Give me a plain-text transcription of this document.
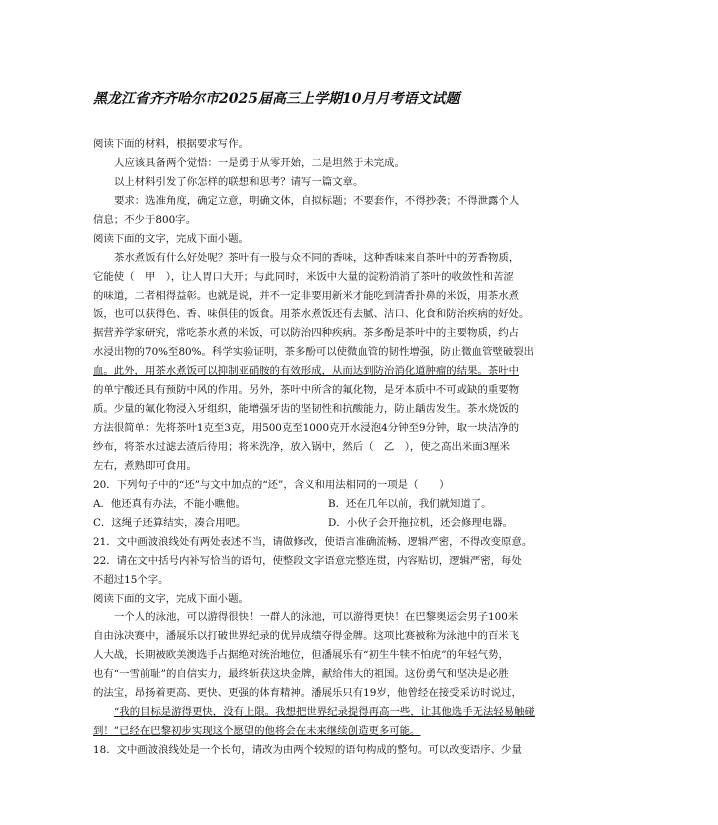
黑龙江省齐齐哈尔市2025届高三上学期10月月考语文试题
阅读下面的材料，根据要求写作。
人应该具备两个觉悟：一是勇于从零开始，二是坦然于未完成。
以上材料引发了你怎样的联想和思考？请写一篇文章。
要求：选准角度，确定立意，明确文体，自拟标题；不要套作，不得抄袭；不得泄露个人
信息；不少于800字。
阅读下面的文字，完成下面小题。
茶水煮饭有什么好处呢？茶叶有一股与众不同的香味，这种香味来自茶叶中的芳香物质，
它能使（　甲　），让人胃口大开；与此同时，米饭中大量的淀粉消消了茶叶的收敛性和苦涩
的味道，二者相得益彰。也就是说，并不一定非要用新米才能吃到清香扑鼻的米饭，用茶水煮
饭，也可以获得色、香、味俱佳的饭食。用茶水煮饭还有去腻、洁口、化食和防治疾病的好处。
据营养学家研究，常吃茶水煮的米饭，可以防治四种疾病。茶多酚是茶叶中的主要物质，约占
水浸出物的70%至80%。科学实验证明，茶多酚可以使微血管的韧性增强，防止微血管壁破裂出
血。此外，用茶水煮饭可以抑制亚硝胺的有效形成，从而达到防治消化道肿瘤的结果。茶叶中
的单宁酸还具有预防中风的作用。另外，茶叶中所含的氟化物，是牙本质中不可或缺的重要物
质。少量的氟化物浸入牙组织，能增强牙齿的坚韧性和抗酸能力，防止龋齿发生。茶水烧饭的
方法很简单：先将茶叶1克至3克，用500克至1000克开水浸泡4分钟至9分钟，取一块洁净的
纱布，将茶水过滤去渣后待用；将米洗净，放入锅中，然后（　乙　），使之高出米面3厘米
左右，煮熟即可食用。
20．下列句子中的“还”与文中加点的“还”，含义和用法相同的一项是（　　）
A．他还真有办法，不能小瞧他。	B．还在几年以前，我们就知道了。
C．这绳子还算结实，凑合用吧。	D．小伙子会开拖拉机，还会修理电器。
21．文中画波浪线处有两处表述不当，请做修改，使语言准确流畅、逻辑严密，不得改变原意。
22．请在文中括号内补写恰当的语句，使整段文字语意完整连贯，内容贴切，逻辑严密，每处
不超过15个字。
阅读下面的文字，完成下面小题。
一个人的泳池，可以游得很快！一群人的泳池，可以游得更快！在巴黎奥运会男子100米
自由泳决赛中，潘展乐以打破世界纪录的优异成绩夺得金牌。这项比赛被称为泳池中的百米飞
人大战，长期被欧美澳选手占据绝对统治地位，但潘展乐有“初生牛犊不怕虎”的年轻气势，
也有“一雪前耻”的自信实力，最终斩获这块金牌，献给伟大的祖国。这份勇气和坚决是必胜
的法宝，昂扬着更高、更快、更强的体育精神。潘展乐只有19岁，他曾经在接受采访时说过，
“我的目标是游得更快，没有上限。我想把世界纪录提得再高一些，让其他选手无法轻易触碰
到！”已经在巴黎初步实现这个愿望的他将会在未来继续创造更多可能。
18．文中画波浪线处是一个长句，请改为由两个较短的语句构成的整句。可以改变语序、少量
